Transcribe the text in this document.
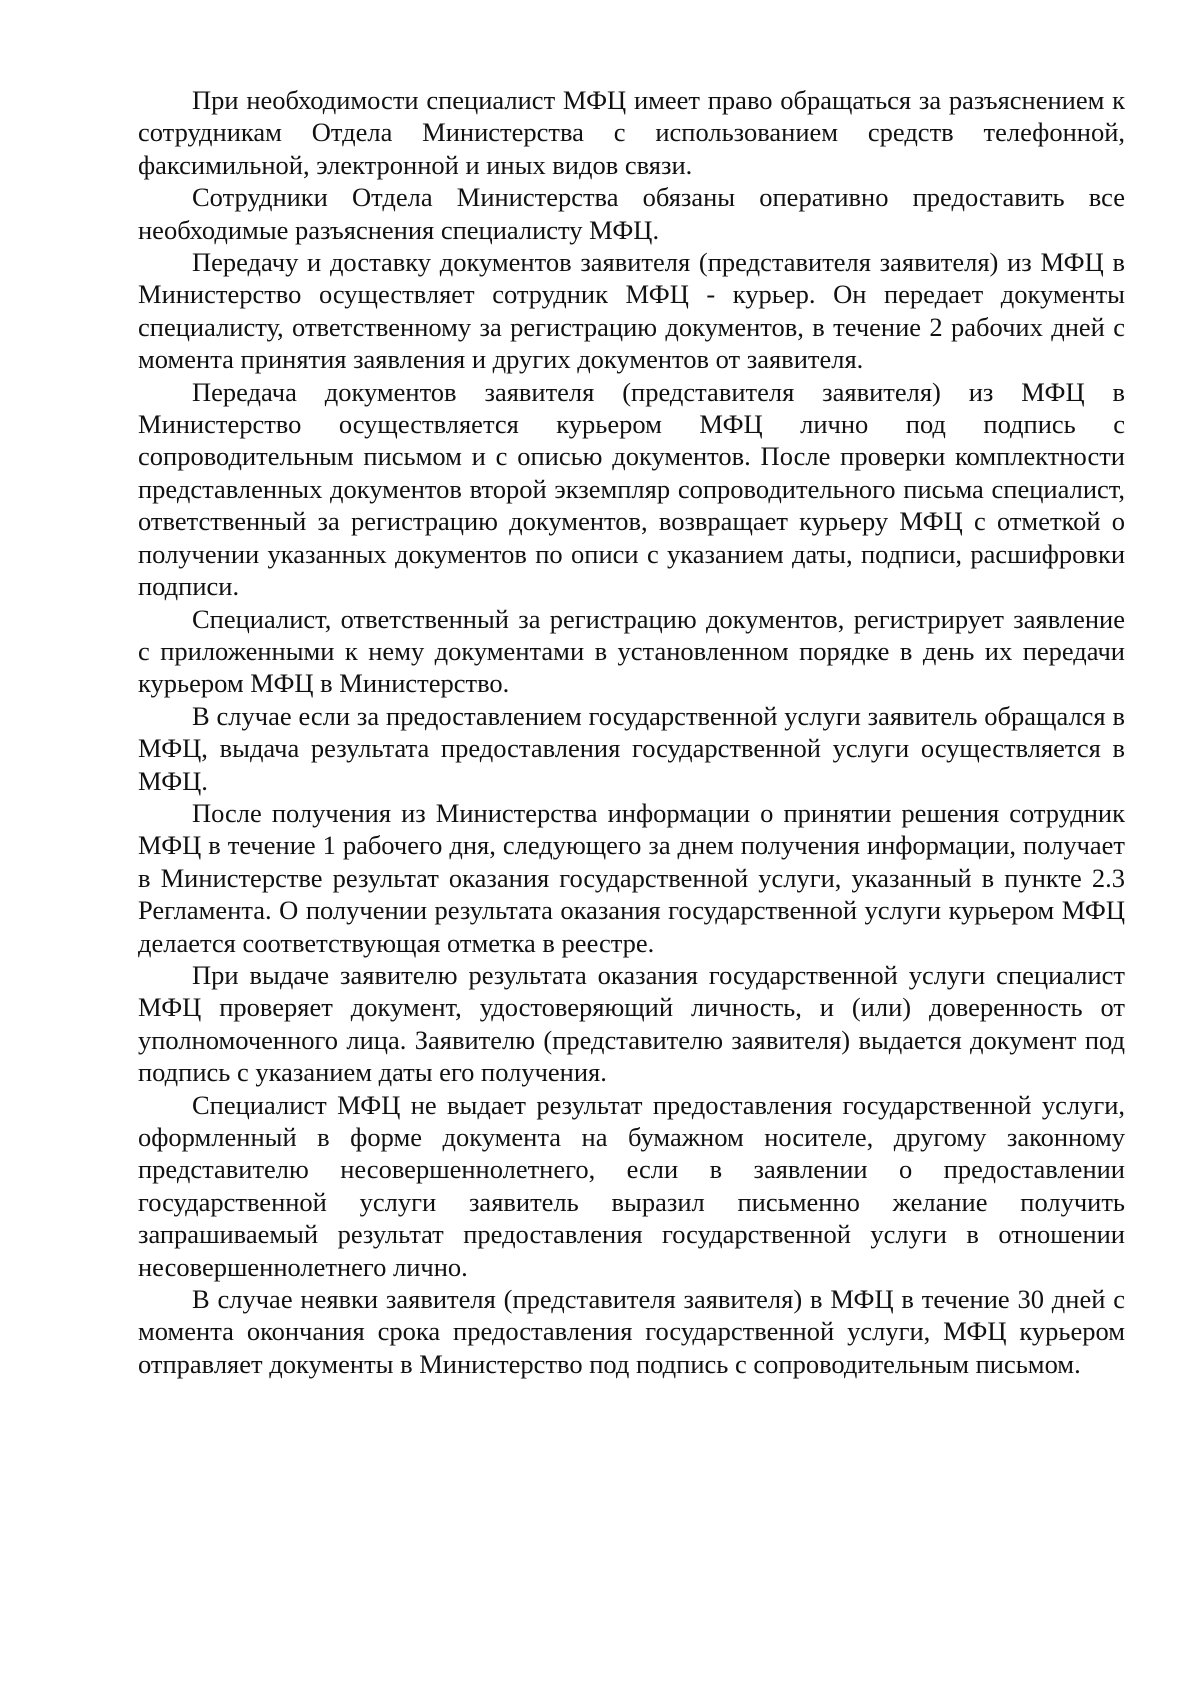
При необходимости специалист МФЦ имеет право обращаться за разъяснением к сотрудникам Отдела Министерства с использованием средств телефонной, факсимильной, электронной и иных видов связи.

Сотрудники Отдела Министерства обязаны оперативно предоставить все необходимые разъяснения специалисту МФЦ.

Передачу и доставку документов заявителя (представителя заявителя) из МФЦ в Министерство осуществляет сотрудник МФЦ - курьер. Он передает документы специалисту, ответственному за регистрацию документов, в течение 2 рабочих дней с момента принятия заявления и других документов от заявителя.

Передача документов заявителя (представителя заявителя) из МФЦ в Министерство осуществляется курьером МФЦ лично под подпись с сопроводительным письмом и с описью документов. После проверки комплектности представленных документов второй экземпляр сопроводительного письма специалист, ответственный за регистрацию документов, возвращает курьеру МФЦ с отметкой о получении указанных документов по описи с указанием даты, подписи, расшифровки подписи.

Специалист, ответственный за регистрацию документов, регистрирует заявление с приложенными к нему документами в установленном порядке в день их передачи курьером МФЦ в Министерство.

В случае если за предоставлением государственной услуги заявитель обращался в МФЦ, выдача результата предоставления государственной услуги осуществляется в МФЦ.

После получения из Министерства информации о принятии решения сотрудник МФЦ в течение 1 рабочего дня, следующего за днем получения информации, получает в Министерстве результат оказания государственной услуги, указанный в пункте 2.3 Регламента. О получении результата оказания государственной услуги курьером МФЦ делается соответствующая отметка в реестре.

При выдаче заявителю результата оказания государственной услуги специалист МФЦ проверяет документ, удостоверяющий личность, и (или) доверенность от уполномоченного лица. Заявителю (представителю заявителя) выдается документ под подпись с указанием даты его получения.

Специалист МФЦ не выдает результат предоставления государственной услуги, оформленный в форме документа на бумажном носителе, другому законному представителю несовершеннолетнего, если в заявлении о предоставлении государственной услуги заявитель выразил письменно желание получить запрашиваемый результат предоставления государственной услуги в отношении несовершеннолетнего лично.

В случае неявки заявителя (представителя заявителя) в МФЦ в течение 30 дней с момента окончания срока предоставления государственной услуги, МФЦ курьером отправляет документы в Министерство под подпись с сопроводительным письмом.
